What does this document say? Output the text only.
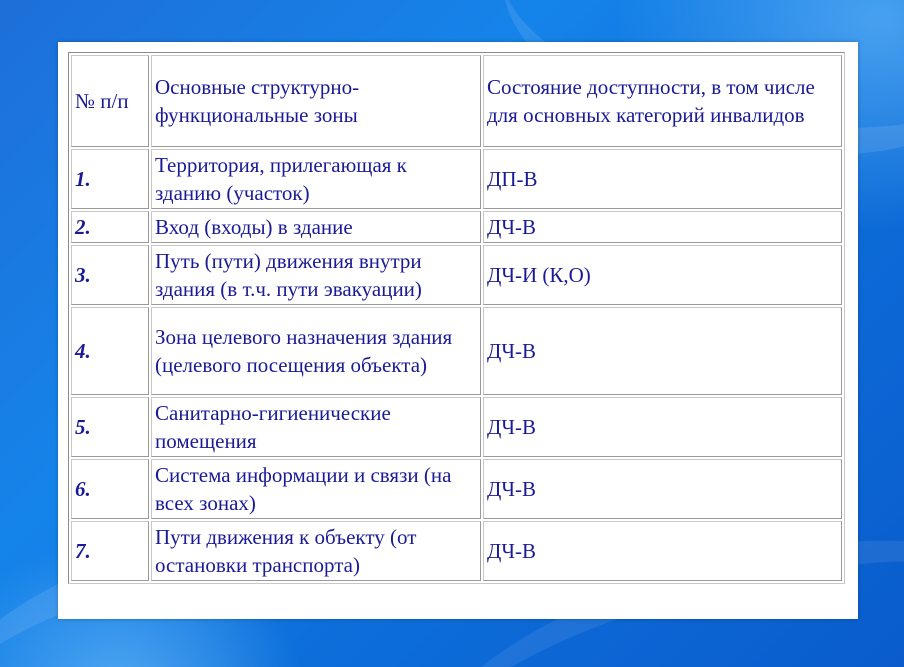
№ п/п	Основные структурно-функциональные зоны	Состояние доступности, в том числе для основных категорий инвалидов
1.	Территория, прилегающая к зданию (участок)	ДП-В
2.	Вход (входы) в здание	ДЧ-В
3.	Путь (пути) движения внутри здания (в т.ч. пути эвакуации)	ДЧ-И (К,О)
4.	Зона целевого назначения здания (целевого посещения объекта)	ДЧ-В
5.	Санитарно-гигиенические помещения	ДЧ-В
6.	Система информации и связи (на всех зонах)	ДЧ-В
7.	Пути движения к объекту (от остановки транспорта)	ДЧ-В
